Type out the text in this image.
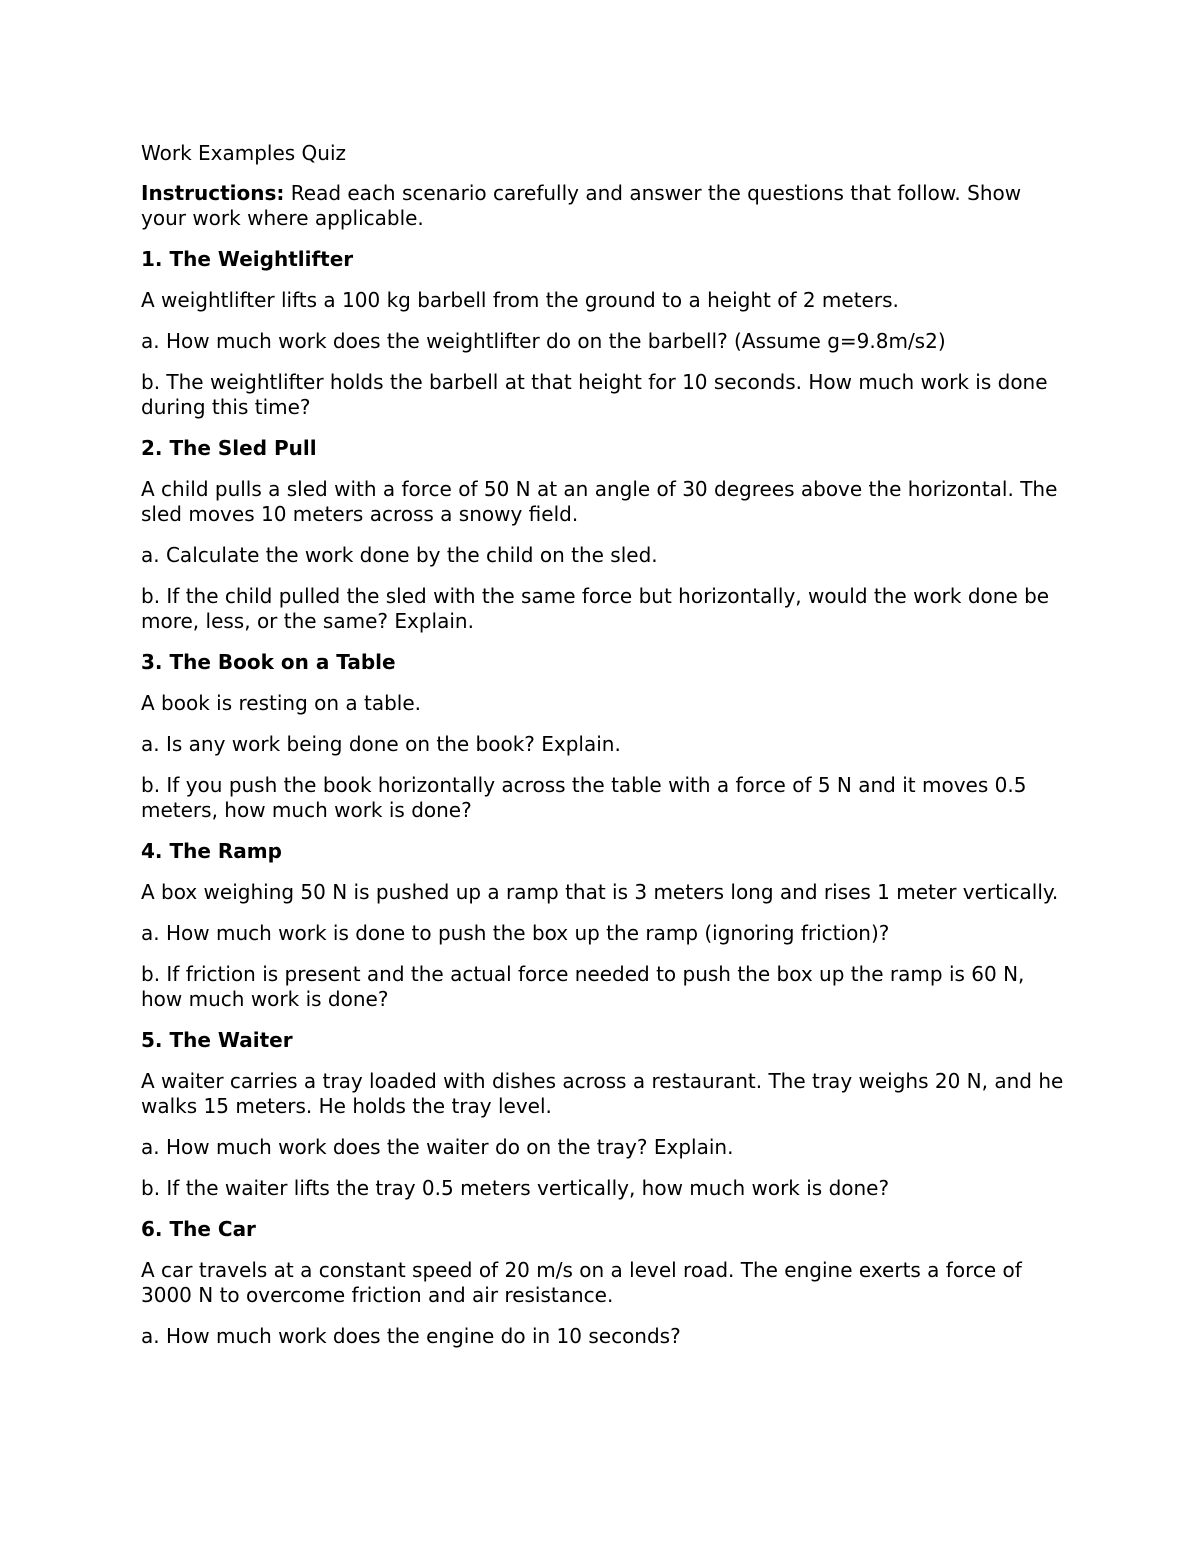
Work Examples Quiz
Instructions: Read each scenario carefully and answer the questions that follow. Show your work where applicable.
1. The Weightlifter
A weightlifter lifts a 100 kg barbell from the ground to a height of 2 meters.
a. How much work does the weightlifter do on the barbell? (Assume g=9.8m/s2)
b. The weightlifter holds the barbell at that height for 10 seconds. How much work is done during this time?
2. The Sled Pull
A child pulls a sled with a force of 50 N at an angle of 30 degrees above the horizontal. The sled moves 10 meters across a snowy field.
a. Calculate the work done by the child on the sled.
b. If the child pulled the sled with the same force but horizontally, would the work done be more, less, or the same? Explain.
3. The Book on a Table
A book is resting on a table.
a. Is any work being done on the book? Explain.
b. If you push the book horizontally across the table with a force of 5 N and it moves 0.5 meters, how much work is done?
4. The Ramp
A box weighing 50 N is pushed up a ramp that is 3 meters long and rises 1 meter vertically.
a. How much work is done to push the box up the ramp (ignoring friction)?
b. If friction is present and the actual force needed to push the box up the ramp is 60 N, how much work is done?
5. The Waiter
A waiter carries a tray loaded with dishes across a restaurant. The tray weighs 20 N, and he walks 15 meters. He holds the tray level.
a. How much work does the waiter do on the tray? Explain.
b. If the waiter lifts the tray 0.5 meters vertically, how much work is done?
6. The Car
A car travels at a constant speed of 20 m/s on a level road. The engine exerts a force of 3000 N to overcome friction and air resistance.
a. How much work does the engine do in 10 seconds?
